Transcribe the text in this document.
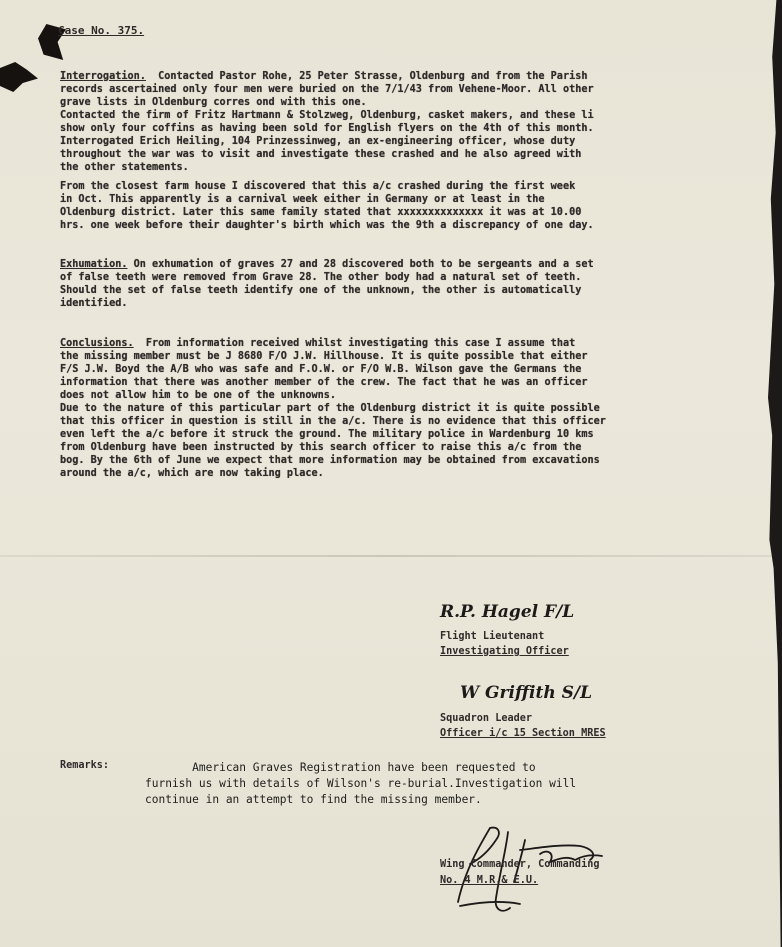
Case No. 375.

Interrogation.  Contacted Pastor Rohe, 25 Peter Strasse, Oldenburg and from the Parish

records ascertained only four men were buried on the 7/1/43 from Vehene-Moor. All other

grave lists in Oldenburg corres ond with this one.

Contacted the firm of Fritz Hartmann & Stolzweg, Oldenburg, casket makers, and these li

show only four coffins as having been sold for English flyers on the 4th of this month.

Interrogated Erich Heiling, 104 Prinzessinweg, an ex-engineering officer, whose duty

throughout the war was to visit and investigate these crashed and he also agreed with

the other statements.

From the closest farm house I discovered that this a/c crashed during the first week

in Oct. This apparently is a carnival week either in Germany or at least in the

Oldenburg district. Later this same family stated that xxxxxxxxxxxxxx it was at 10.00

hrs. one week before their daughter's birth which was the 9th a discrepancy of one day.

Exhumation. On exhumation of graves 27 and 28 discovered both to be sergeants and a set

of false teeth were removed from Grave 28. The other body had a natural set of teeth.

Should the set of false teeth identify one of the unknown, the other is automatically

identified.

Conclusions.  From information received whilst investigating this case I assume that

the missing member must be J 8680 F/O J.W. Hillhouse. It is quite possible that either

F/S J.W. Boyd the A/B who was safe and F.O.W. or F/O W.B. Wilson gave the Germans the

information that there was another member of the crew. The fact that he was an officer

does not allow him to be one of the unknowns.

Due to the nature of this particular part of the Oldenburg district it is quite possible

that this officer in question is still in the a/c. There is no evidence that this officer

even left the a/c before it struck the ground. The military police in Wardenburg 10 kms

from Oldenburg have been instructed by this search officer to raise this a/c from the

bog. By the 6th of June we expect that more information may be obtained from excavations

around the a/c, which are now taking place.

R.P. Hagel F/L

Flight Lieutenant

Investigating Officer

W Griffith S/L

Squadron Leader

Officer i/c 15 Section MRES

Remarks:	American Graves Registration have been requested to

furnish us with details of Wilson's re-burial.Investigation will

continue in an attempt to find the missing member.

Wing Commander, Commanding

No. 4 M.R.& E.U.
